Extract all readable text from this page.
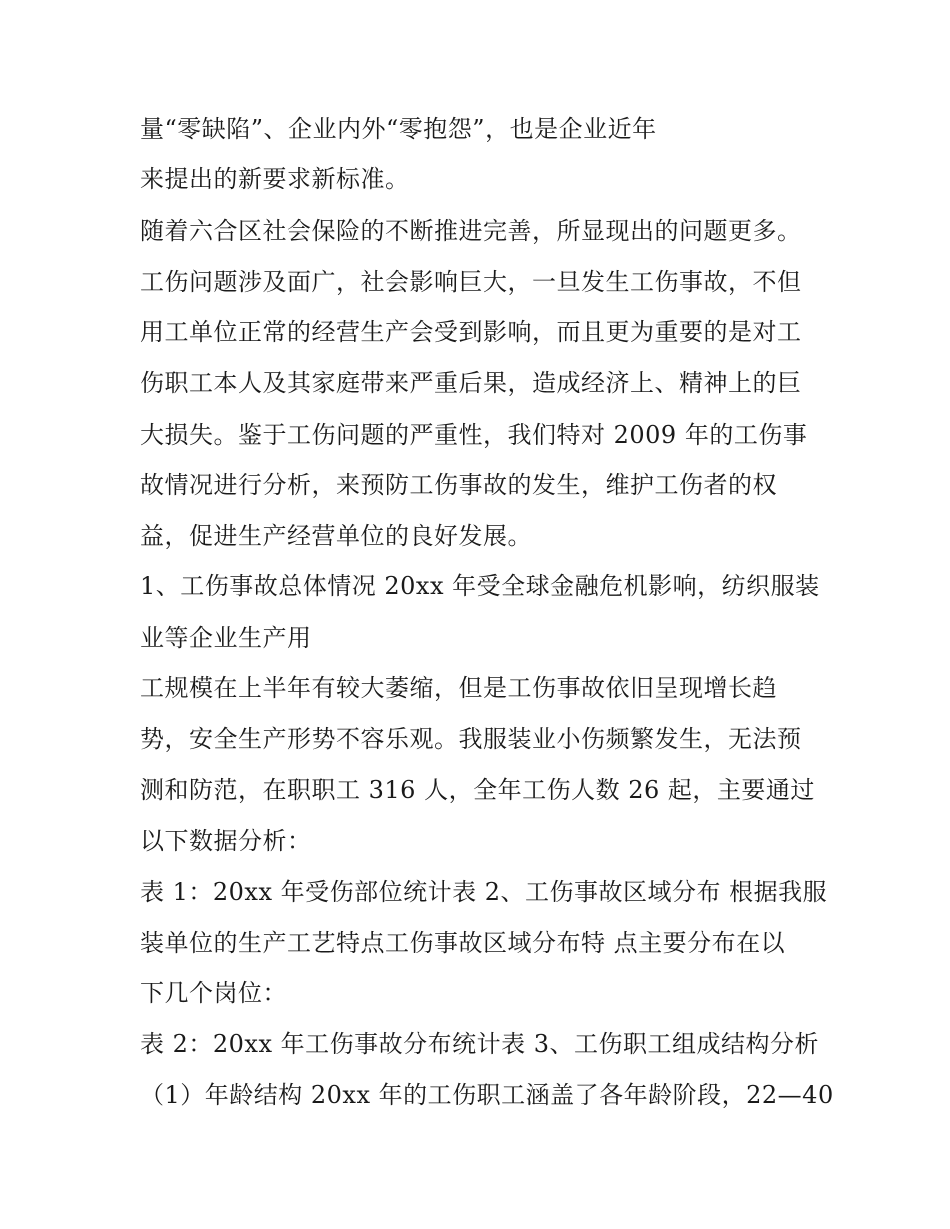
量“零缺陷”、企业内外“零抱怨”，也是企业近年
来提出的新要求新标准。
随着六合区社会保险的不断推进完善，所显现出的问题更多。
工伤问题涉及面广，社会影响巨大，一旦发生工伤事故，不但
用工单位正常的经营生产会受到影响，而且更为重要的是对工
伤职工本人及其家庭带来严重后果，造成经济上、精神上的巨
大损失。鉴于工伤问题的严重性，我们特对 2009 年的工伤事
故情况进行分析，来预防工伤事故的发生，维护工伤者的权
益，促进生产经营单位的良好发展。
1、工伤事故总体情况 20xx 年受全球金融危机影响，纺织服装
业等企业生产用
工规模在上半年有较大萎缩，但是工伤事故依旧呈现增长趋
势，安全生产形势不容乐观。我服装业小伤频繁发生，无法预
测和防范，在职职工 316 人，全年工伤人数 26 起，主要通过
以下数据分析：
表 1：20xx 年受伤部位统计表 2、工伤事故区域分布 根据我服
装单位的生产工艺特点工伤事故区域分布特 点主要分布在以
下几个岗位：
表 2：20xx 年工伤事故分布统计表 3、工伤职工组成结构分析
（1）年龄结构 20xx 年的工伤职工涵盖了各年龄阶段，22—40
